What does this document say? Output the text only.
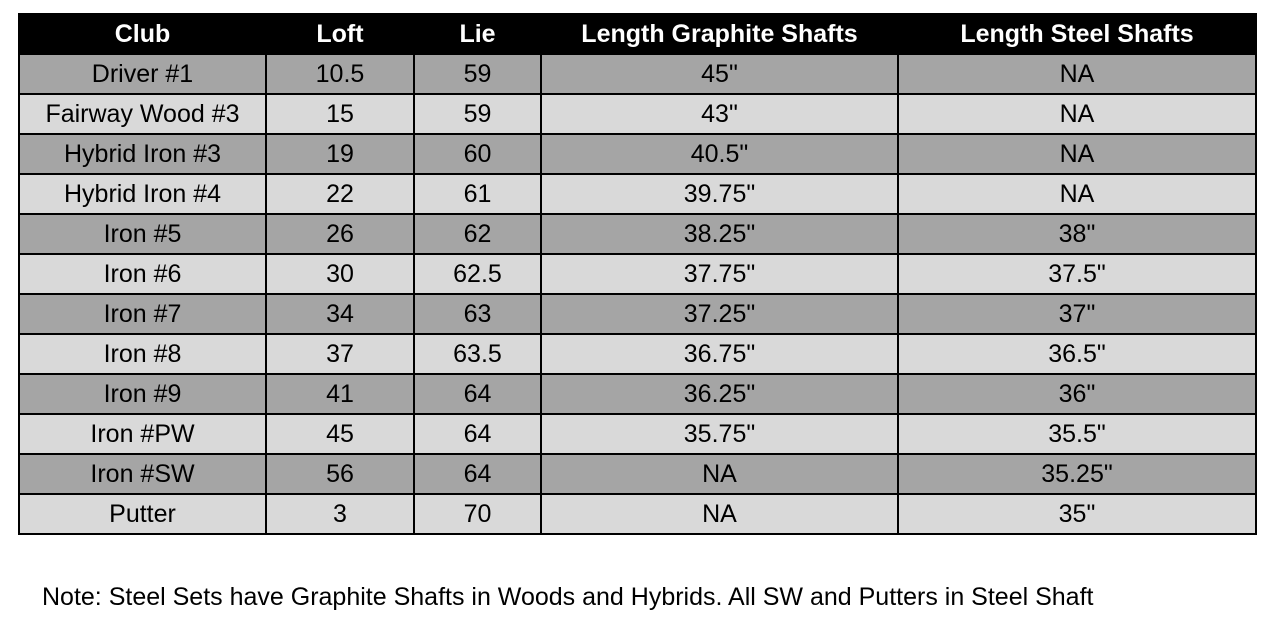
Club	Loft	Lie	Length Graphite Shafts	Length Steel Shafts
Driver #1	10.5	59	45"	NA
Fairway Wood #3	15	59	43"	NA
Hybrid Iron #3	19	60	40.5"	NA
Hybrid Iron #4	22	61	39.75"	NA
Iron #5	26	62	38.25"	38"
Iron #6	30	62.5	37.75"	37.5"
Iron #7	34	63	37.25"	37"
Iron #8	37	63.5	36.75"	36.5"
Iron #9	41	64	36.25"	36"
Iron #PW	45	64	35.75"	35.5"
Iron #SW	56	64	NA	35.25"
Putter	3	70	NA	35"
Note: Steel Sets have Graphite Shafts in Woods and Hybrids. All SW and Putters in Steel Shaft
